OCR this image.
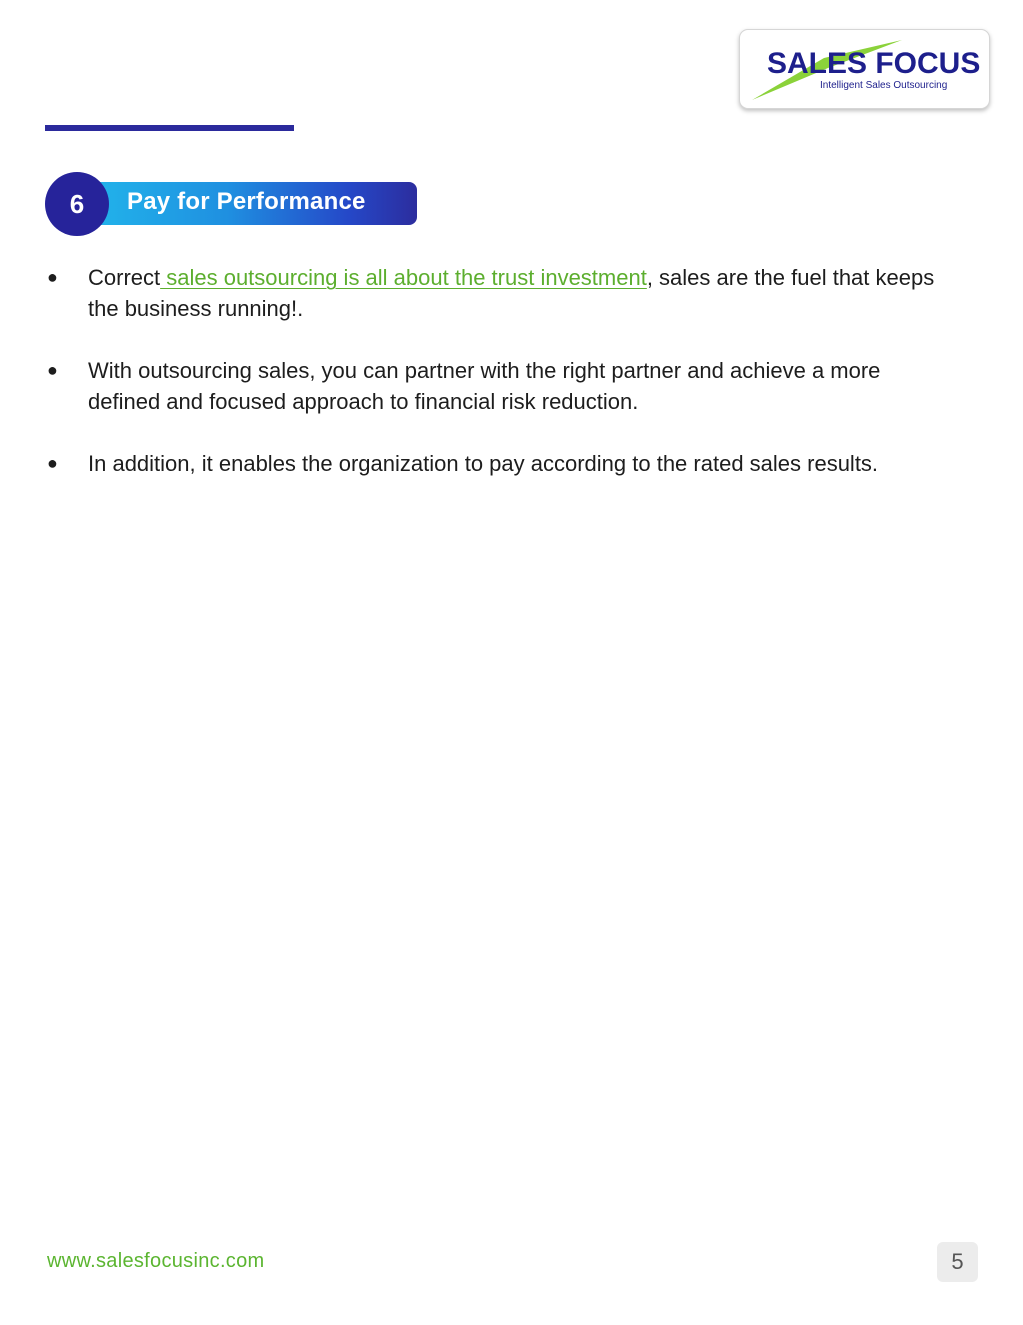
SALES FOCUS
Intelligent Sales Outsourcing
Pay for Performance
6
● Correct sales outsourcing is all about the trust investment, sales are the fuel that keeps the business running!.
● With outsourcing sales, you can partner with the right partner and achieve a more defined and focused approach to financial risk reduction.
● In addition, it enables the organization to pay according to the rated sales results.
www.salesfocusinc.com	5
